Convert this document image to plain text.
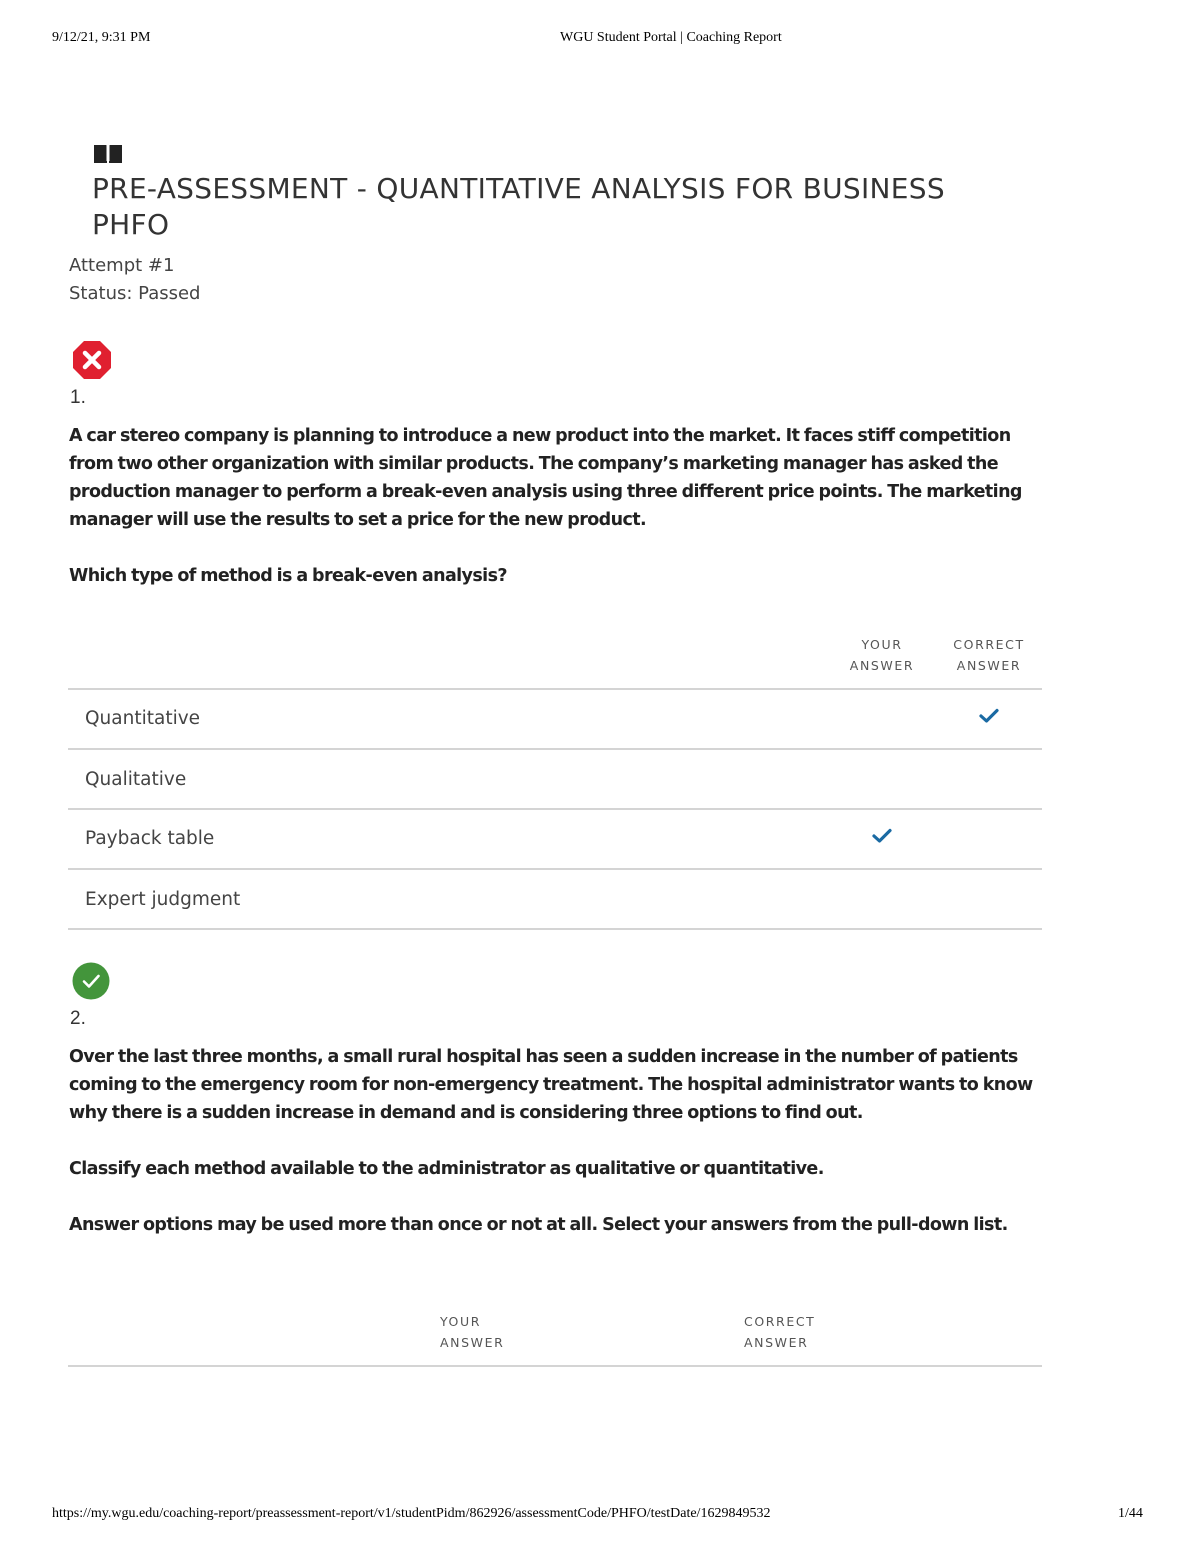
9/12/21, 9:31 PM	WGU Student Portal | Coaching Report
PRE-ASSESSMENT - QUANTITATIVE ANALYSIS FOR BUSINESS
PHFO
Attempt #1
Status: Passed
1.
A car stereo company is planning to introduce a new product into the market. It faces stiff competition
from two other organization with similar products. The company’s marketing manager has asked the
production manager to perform a break-even analysis using three different price points. The marketing
manager will use the results to set a price for the new product.
Which type of method is a break-even analysis?
YOUR
ANSWER
CORRECT
ANSWER
Quantitative
Qualitative
Payback table
Expert judgment
2.
Over the last three months, a small rural hospital has seen a sudden increase in the number of patients
coming to the emergency room for non-emergency treatment. The hospital administrator wants to know
why there is a sudden increase in demand and is considering three options to find out.
Classify each method available to the administrator as qualitative or quantitative.
Answer options may be used more than once or not at all. Select your answers from the pull-down list.
YOUR
ANSWER
CORRECT
ANSWER
https://my.wgu.edu/coaching-report/preassessment-report/v1/studentPidm/862926/assessmentCode/PHFO/testDate/1629849532	1/44
